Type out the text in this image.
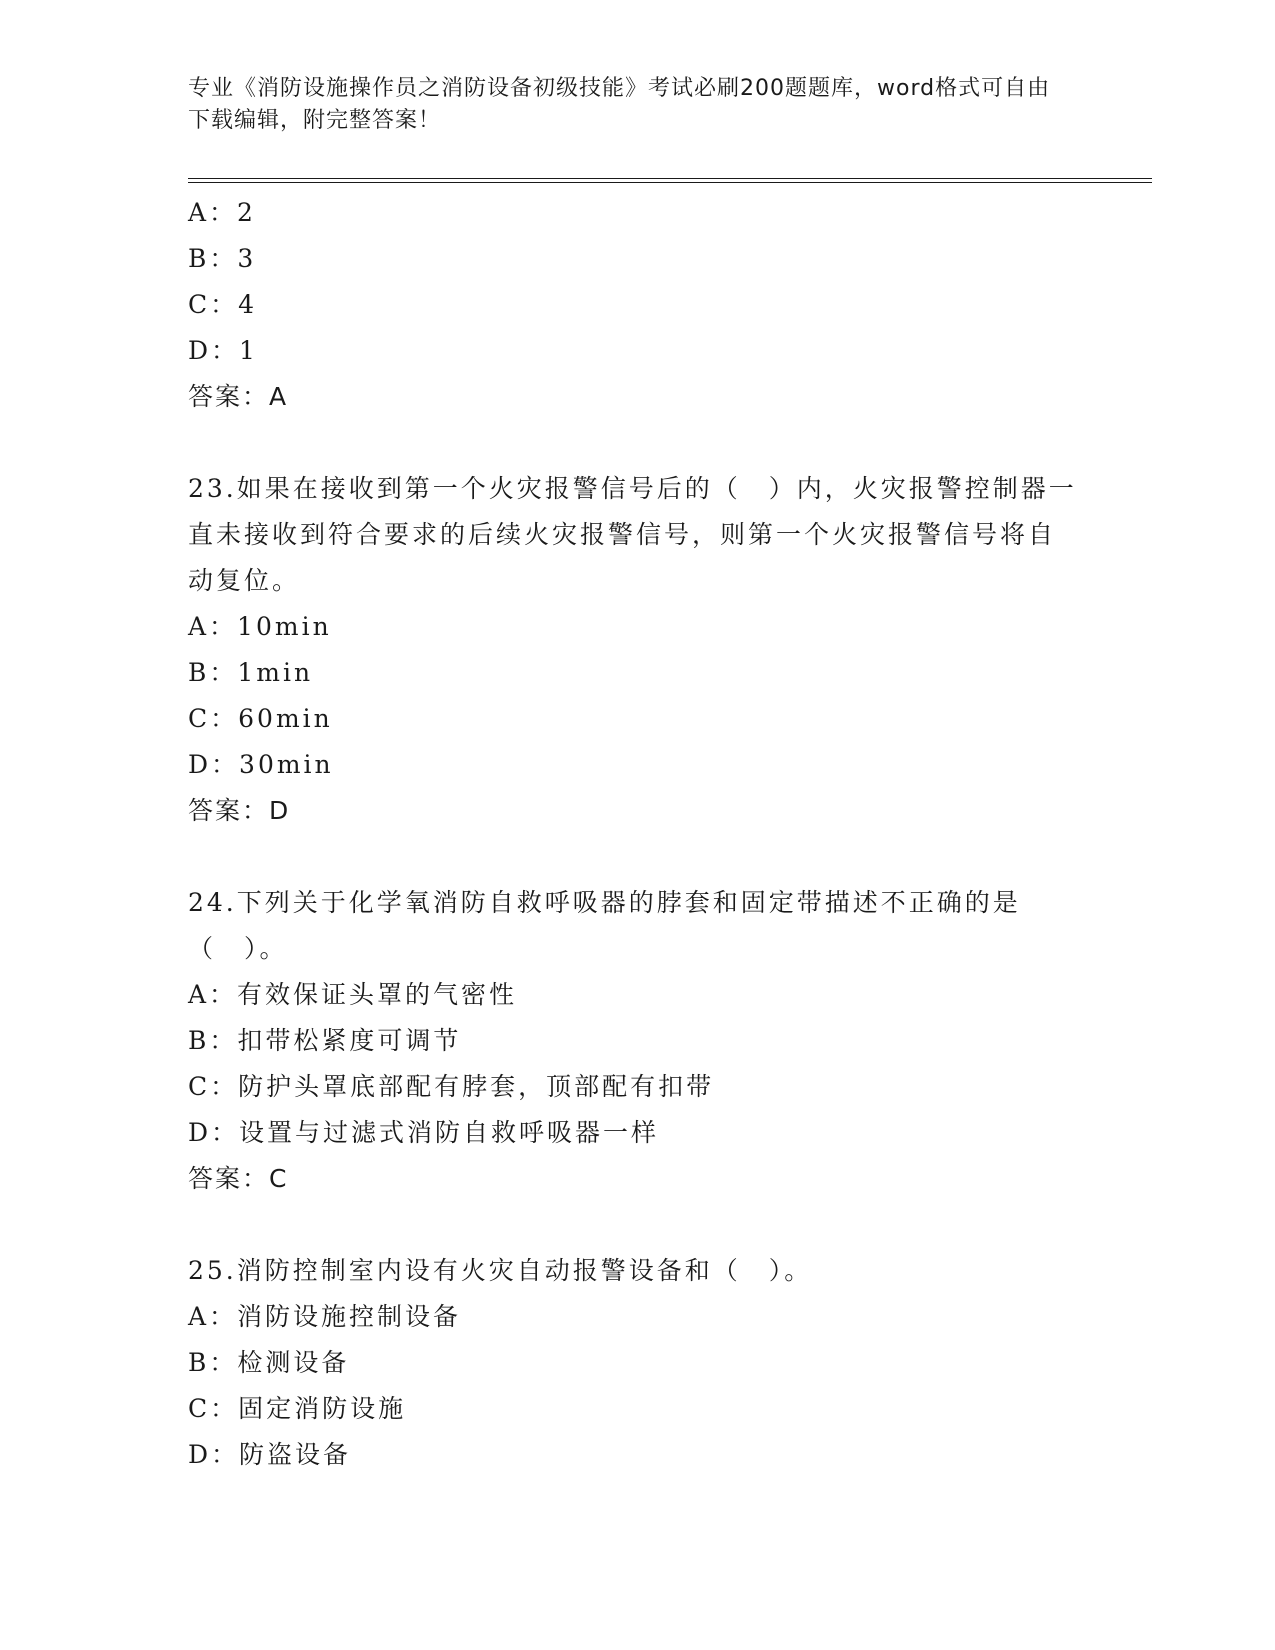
专业《消防设施操作员之消防设备初级技能》考试必刷200题题库，word格式可自由下载编辑，附完整答案！
A：2
B：3
C：4
D：1
答案：A
23.如果在接收到第一个火灾报警信号后的（　）内，火灾报警控制器一直未接收到符合要求的后续火灾报警信号，则第一个火灾报警信号将自动复位。
A：10min
B：1min
C：60min
D：30min
答案：D
24.下列关于化学氧消防自救呼吸器的脖套和固定带描述不正确的是（　）。
A：有效保证头罩的气密性
B：扣带松紧度可调节
C：防护头罩底部配有脖套，顶部配有扣带
D：设置与过滤式消防自救呼吸器一样
答案：C
25.消防控制室内设有火灾自动报警设备和（　）。
A：消防设施控制设备
B：检测设备
C：固定消防设施
D：防盗设备
